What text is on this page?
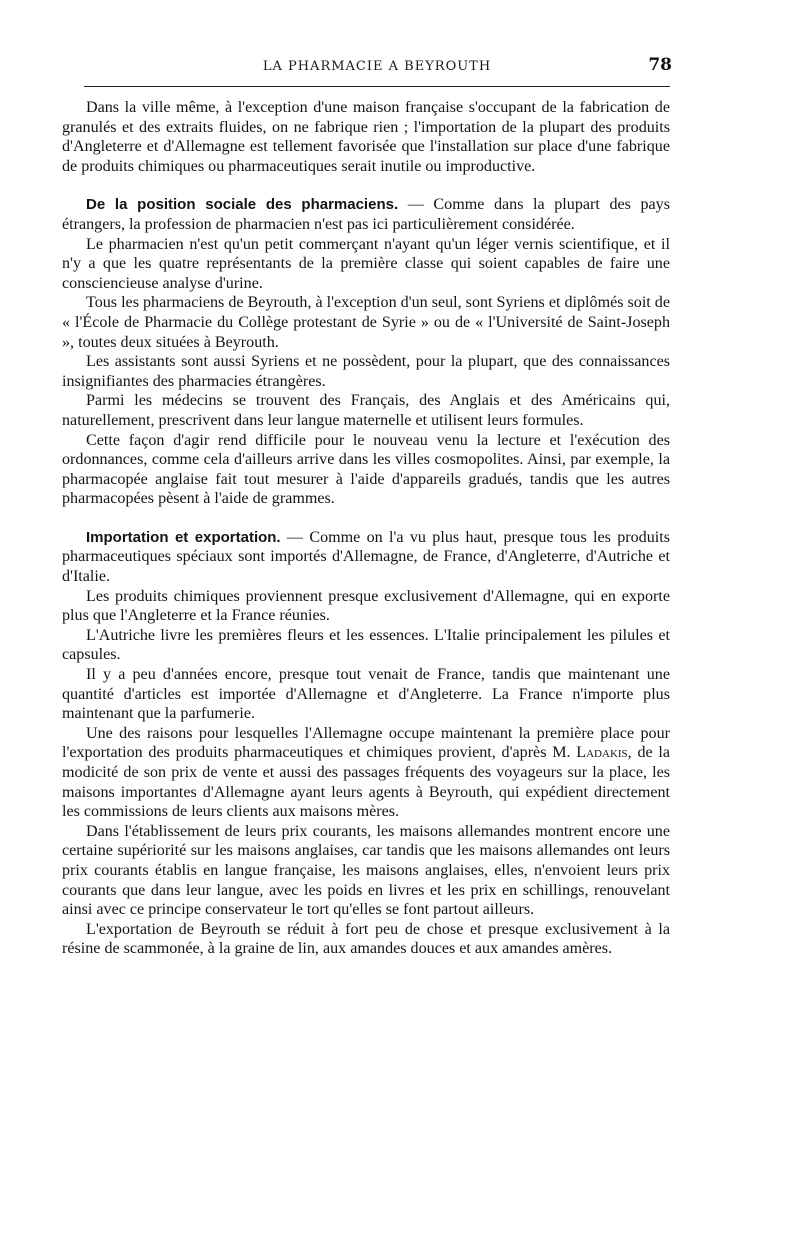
LA PHARMACIE A BEYROUTH	78

Dans la ville même, à l'exception d'une maison française s'occupant de la fabrication de granulés et des extraits fluides, on ne fabrique rien ; l'importation de la plupart des produits d'Angleterre et d'Allemagne est tellement favorisée que l'installation sur place d'une fabrique de produits chimiques ou pharmaceutiques serait inutile ou improductive.

De la position sociale des pharmaciens. — Comme dans la plupart des pays étrangers, la profession de pharmacien n'est pas ici particulièrement considérée.

Le pharmacien n'est qu'un petit commerçant n'ayant qu'un léger vernis scientifique, et il n'y a que les quatre représentants de la première classe qui soient capables de faire une consciencieuse analyse d'urine.

Tous les pharmaciens de Beyrouth, à l'exception d'un seul, sont Syriens et diplômés soit de « l'École de Pharmacie du Collège protestant de Syrie » ou de « l'Université de Saint-Joseph », toutes deux situées à Beyrouth.

Les assistants sont aussi Syriens et ne possèdent, pour la plupart, que des connaissances insignifiantes des pharmacies étrangères.

Parmi les médecins se trouvent des Français, des Anglais et des Américains qui, naturellement, prescrivent dans leur langue maternelle et utilisent leurs formules.

Cette façon d'agir rend difficile pour le nouveau venu la lecture et l'exécution des ordonnances, comme cela d'ailleurs arrive dans les villes cosmopolites. Ainsi, par exemple, la pharmacopée anglaise fait tout mesurer à l'aide d'appareils gradués, tandis que les autres pharmacopées pèsent à l'aide de grammes.

Importation et exportation. — Comme on l'a vu plus haut, presque tous les produits pharmaceutiques spéciaux sont importés d'Allemagne, de France, d'Angleterre, d'Autriche et d'Italie.

Les produits chimiques proviennent presque exclusivement d'Allemagne, qui en exporte plus que l'Angleterre et la France réunies.

L'Autriche livre les premières fleurs et les essences. L'Italie principalement les pilules et capsules.

Il y a peu d'années encore, presque tout venait de France, tandis que maintenant une quantité d'articles est importée d'Allemagne et d'Angleterre. La France n'importe plus maintenant que la parfumerie.

Une des raisons pour lesquelles l'Allemagne occupe maintenant la première place pour l'exportation des produits pharmaceutiques et chimiques provient, d'après M. Ladakis, de la modicité de son prix de vente et aussi des passages fréquents des voyageurs sur la place, les maisons importantes d'Allemagne ayant leurs agents à Beyrouth, qui expédient directement les commissions de leurs clients aux maisons mères.

Dans l'établissement de leurs prix courants, les maisons allemandes montrent encore une certaine supériorité sur les maisons anglaises, car tandis que les maisons allemandes ont leurs prix courants établis en langue française, les maisons anglaises, elles, n'envoient leurs prix courants que dans leur langue, avec les poids en livres et les prix en schillings, renouvelant ainsi avec ce principe conservateur le tort qu'elles se font partout ailleurs.

L'exportation de Beyrouth se réduit à fort peu de chose et presque exclusivement à la résine de scammonée, à la graine de lin, aux amandes douces et aux amandes amères.
